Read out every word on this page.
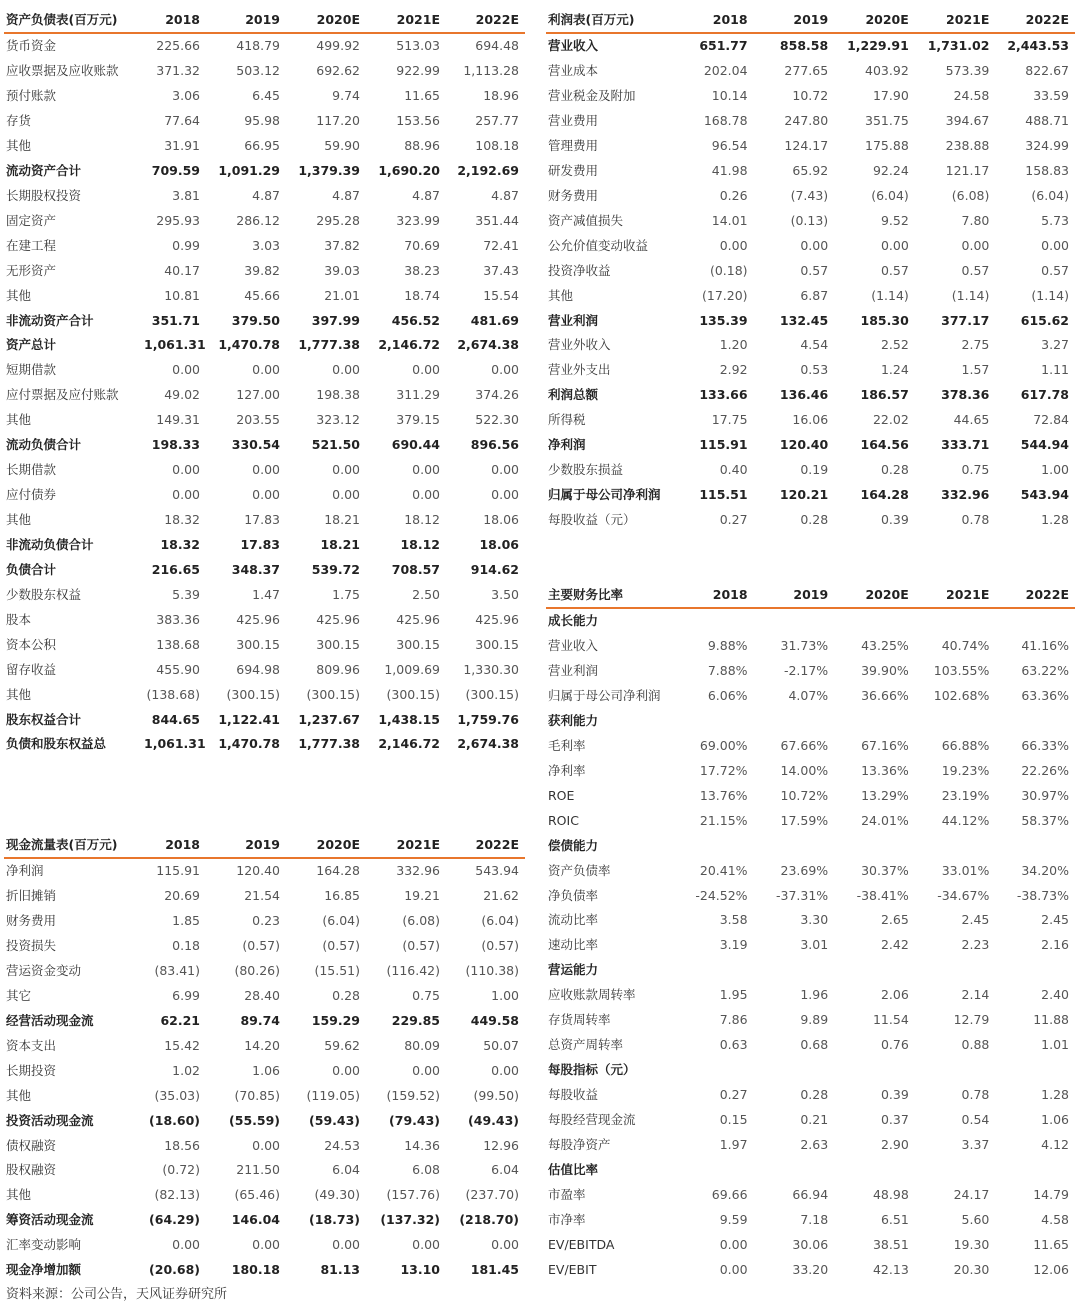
资产负债表(百万元)	2018	2019	2020E	2021E	2022E
货币资金	225.66	418.79	499.92	513.03	694.48
应收票据及应收账款	371.32	503.12	692.62	922.99	1,113.28
预付账款	3.06	6.45	9.74	11.65	18.96
存货	77.64	95.98	117.20	153.56	257.77
其他	31.91	66.95	59.90	88.96	108.18
流动资产合计	709.59	1,091.29	1,379.39	1,690.20	2,192.69
长期股权投资	3.81	4.87	4.87	4.87	4.87
固定资产	295.93	286.12	295.28	323.99	351.44
在建工程	0.99	3.03	37.82	70.69	72.41
无形资产	40.17	39.82	39.03	38.23	37.43
其他	10.81	45.66	21.01	18.74	15.54
非流动资产合计	351.71	379.50	397.99	456.52	481.69
资产总计	1,061.31	1,470.78	1,777.38	2,146.72	2,674.38
短期借款	0.00	0.00	0.00	0.00	0.00
应付票据及应付账款	49.02	127.00	198.38	311.29	374.26
其他	149.31	203.55	323.12	379.15	522.30
流动负债合计	198.33	330.54	521.50	690.44	896.56
长期借款	0.00	0.00	0.00	0.00	0.00
应付债券	0.00	0.00	0.00	0.00	0.00
其他	18.32	17.83	18.21	18.12	18.06
非流动负债合计	18.32	17.83	18.21	18.12	18.06
负债合计	216.65	348.37	539.72	708.57	914.62
少数股东权益	5.39	1.47	1.75	2.50	3.50
股本	383.36	425.96	425.96	425.96	425.96
资本公积	138.68	300.15	300.15	300.15	300.15
留存收益	455.90	694.98	809.96	1,009.69	1,330.30
其他	(138.68)	(300.15)	(300.15)	(300.15)	(300.15)
股东权益合计	844.65	1,122.41	1,237.67	1,438.15	1,759.76
负债和股东权益总	1,061.31	1,470.78	1,777.38	2,146.72	2,674.38
利润表(百万元)	2018	2019	2020E	2021E	2022E
营业收入	651.77	858.58	1,229.91	1,731.02	2,443.53
营业成本	202.04	277.65	403.92	573.39	822.67
营业税金及附加	10.14	10.72	17.90	24.58	33.59
营业费用	168.78	247.80	351.75	394.67	488.71
管理费用	96.54	124.17	175.88	238.88	324.99
研发费用	41.98	65.92	92.24	121.17	158.83
财务费用	0.26	(7.43)	(6.04)	(6.08)	(6.04)
资产减值损失	14.01	(0.13)	9.52	7.80	5.73
公允价值变动收益	0.00	0.00	0.00	0.00	0.00
投资净收益	(0.18)	0.57	0.57	0.57	0.57
其他	(17.20)	6.87	(1.14)	(1.14)	(1.14)
营业利润	135.39	132.45	185.30	377.17	615.62
营业外收入	1.20	4.54	2.52	2.75	3.27
营业外支出	2.92	0.53	1.24	1.57	1.11
利润总额	133.66	136.46	186.57	378.36	617.78
所得税	17.75	16.06	22.02	44.65	72.84
净利润	115.91	120.40	164.56	333.71	544.94
少数股东损益	0.40	0.19	0.28	0.75	1.00
归属于母公司净利润	115.51	120.21	164.28	332.96	543.94
每股收益（元）	0.27	0.28	0.39	0.78	1.28
现金流量表(百万元)	2018	2019	2020E	2021E	2022E
净利润	115.91	120.40	164.28	332.96	543.94
折旧摊销	20.69	21.54	16.85	19.21	21.62
财务费用	1.85	0.23	(6.04)	(6.08)	(6.04)
投资损失	0.18	(0.57)	(0.57)	(0.57)	(0.57)
营运资金变动	(83.41)	(80.26)	(15.51)	(116.42)	(110.38)
其它	6.99	28.40	0.28	0.75	1.00
经营活动现金流	62.21	89.74	159.29	229.85	449.58
资本支出	15.42	14.20	59.62	80.09	50.07
长期投资	1.02	1.06	0.00	0.00	0.00
其他	(35.03)	(70.85)	(119.05)	(159.52)	(99.50)
投资活动现金流	(18.60)	(55.59)	(59.43)	(79.43)	(49.43)
债权融资	18.56	0.00	24.53	14.36	12.96
股权融资	(0.72)	211.50	6.04	6.08	6.04
其他	(82.13)	(65.46)	(49.30)	(157.76)	(237.70)
筹资活动现金流	(64.29)	146.04	(18.73)	(137.32)	(218.70)
汇率变动影响	0.00	0.00	0.00	0.00	0.00
现金净增加额	(20.68)	180.18	81.13	13.10	181.45
主要财务比率	2018	2019	2020E	2021E	2022E
成长能力					
营业收入	9.88%	31.73%	43.25%	40.74%	41.16%
营业利润	7.88%	-2.17%	39.90%	103.55%	63.22%
归属于母公司净利润	6.06%	4.07%	36.66%	102.68%	63.36%
获利能力					
毛利率	69.00%	67.66%	67.16%	66.88%	66.33%
净利率	17.72%	14.00%	13.36%	19.23%	22.26%
ROE	13.76%	10.72%	13.29%	23.19%	30.97%
ROIC	21.15%	17.59%	24.01%	44.12%	58.37%
偿债能力					
资产负债率	20.41%	23.69%	30.37%	33.01%	34.20%
净负债率	-24.52%	-37.31%	-38.41%	-34.67%	-38.73%
流动比率	3.58	3.30	2.65	2.45	2.45
速动比率	3.19	3.01	2.42	2.23	2.16
营运能力					
应收账款周转率	1.95	1.96	2.06	2.14	2.40
存货周转率	7.86	9.89	11.54	12.79	11.88
总资产周转率	0.63	0.68	0.76	0.88	1.01
每股指标（元）					
每股收益	0.27	0.28	0.39	0.78	1.28
每股经营现金流	0.15	0.21	0.37	0.54	1.06
每股净资产	1.97	2.63	2.90	3.37	4.12
估值比率					
市盈率	69.66	66.94	48.98	24.17	14.79
市净率	9.59	7.18	6.51	5.60	4.58
EV/EBITDA	0.00	30.06	38.51	19.30	11.65
EV/EBIT	0.00	33.20	42.13	20.30	12.06
资料来源：公司公告，天风证券研究所
